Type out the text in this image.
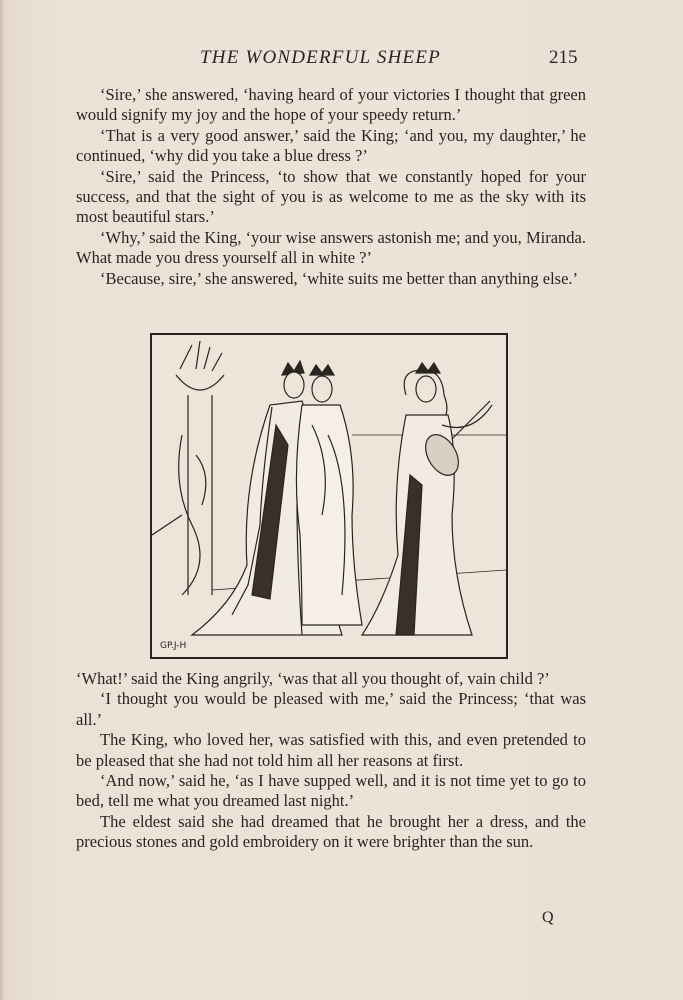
THE WONDERFUL SHEEP	215

‘Sire,’ she answered, ‘having heard of your victories I thought that green would signify my joy and the hope of your speedy return.’

‘That is a very good answer,’ said the King; ‘and you, my daughter,’ he continued, ‘why did you take a blue dress ?’

‘Sire,’ said the Princess, ‘to show that we constantly hoped for your success, and that the sight of you is as welcome to me as the sky with its most beautiful stars.’

‘Why,’ said the King, ‘your wise answers astonish me; and you, Miranda. What made you dress yourself all in white ?’

‘Because, sire,’ she answered, ‘white suits me better than anything else.’

GP.J-H

‘What!’ said the King angrily, ‘was that all you thought of, vain child ?’

‘I thought you would be pleased with me,’ said the Princess; ‘that was all.’

The King, who loved her, was satisfied with this, and even pretended to be pleased that she had not told him all her reasons at first.

‘And now,’ said he, ‘as I have supped well, and it is not time yet to go to bed, tell me what you dreamed last night.’

The eldest said she had dreamed that he brought her a dress, and the precious stones and gold embroidery on it were brighter than the sun.

Q
